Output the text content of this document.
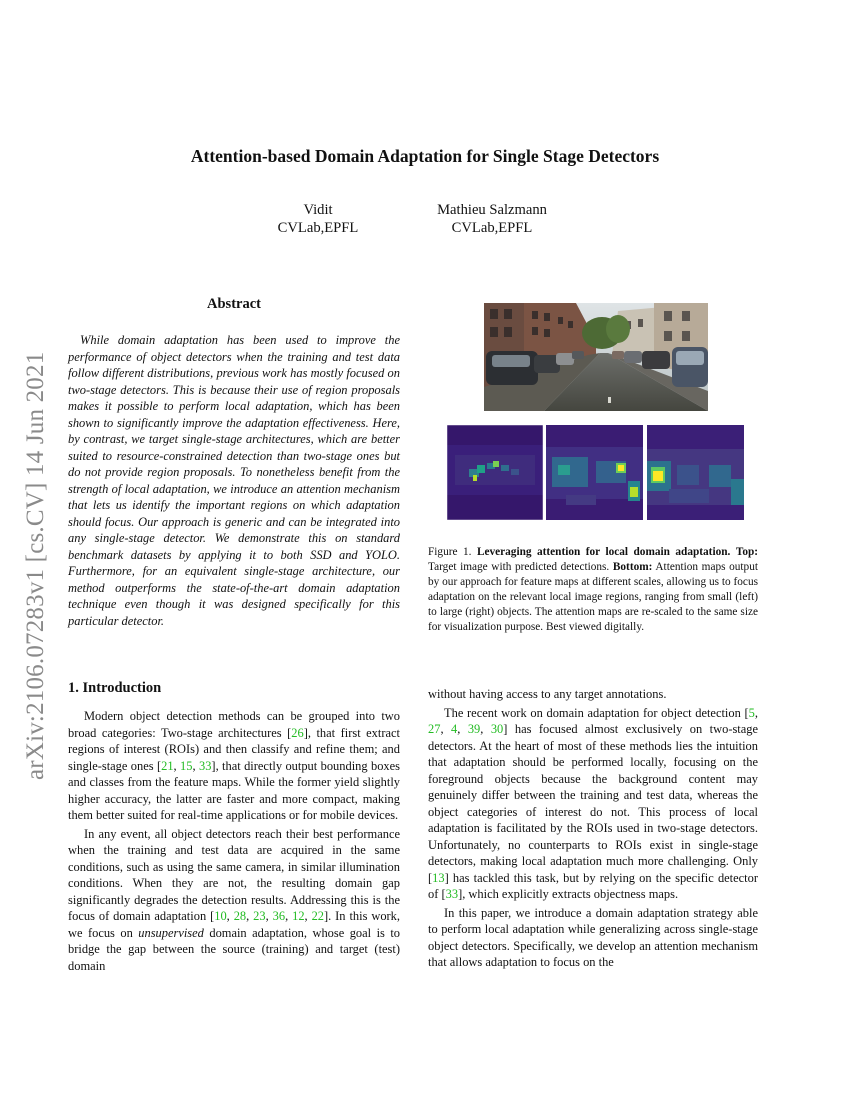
Attention-based Domain Adaptation for Single Stage Detectors
Vidit
CVLab,EPFL
Mathieu Salzmann
CVLab,EPFL
arXiv:2106.07283v1 [cs.CV] 14 Jun 2021
Abstract

While domain adaptation has been used to improve the performance of object detectors when the training and test data follow different distributions, previous work has mostly focused on two-stage detectors. This is because their use of region proposals makes it possible to perform local adaptation, which has been shown to significantly improve the adaptation effectiveness. Here, by contrast, we target single-stage architectures, which are better suited to resource-constrained detection than two-stage ones but do not provide region proposals. To nonetheless benefit from the strength of local adaptation, we introduce an attention mechanism that lets us identify the important regions on which adaptation should focus. Our approach is generic and can be integrated into any single-stage detector. We demonstrate this on standard benchmark datasets by applying it to both SSD and YOLO. Furthermore, for an equivalent single-stage architecture, our method outperforms the state-of-the-art domain adaptation technique even though it was designed specifically for this particular detector.

Figure 1. Leveraging attention for local domain adaptation. Top: Target image with predicted detections. Bottom: Attention maps output by our approach for feature maps at different scales, allowing us to focus adaptation on the relevant local image regions, ranging from small (left) to large (right) objects. The attention maps are re-scaled to the same size for visualization purpose. Best viewed digitally.
1. Introduction

Modern object detection methods can be grouped into two broad categories: Two-stage architectures [26], that first extract regions of interest (ROIs) and then classify and refine them; and single-stage ones [21, 15, 33], that directly output bounding boxes and classes from the feature maps. While the former yield slightly higher accuracy, the latter are faster and more compact, making them better suited for real-time applications or for mobile devices.

In any event, all object detectors reach their best performance when the training and test data are acquired in the same conditions, such as using the same camera, in similar illumination conditions. When they are not, the resulting domain gap significantly degrades the detection results. Addressing this is the focus of domain adaptation [10, 28, 23, 36, 12, 22]. In this work, we focus on unsupervised domain adaptation, whose goal is to bridge the gap between the source (training) and target (test) domain

without having access to any target annotations.

The recent work on domain adaptation for object detection [5, 27, 4, 39, 30] has focused almost exclusively on two-stage detectors. At the heart of most of these methods lies the intuition that adaptation should be performed locally, focusing on the foreground objects because the background content may genuinely differ between the training and test data, whereas the object categories of interest do not. This process of local adaptation is facilitated by the ROIs used in two-stage detectors. Unfortunately, no counterparts to ROIs exist in single-stage detectors, making local adaptation much more challenging. Only [13] has tackled this task, but by relying on the specific detector of [33], which explicitly extracts objectness maps.

In this paper, we introduce a domain adaptation strategy able to perform local adaptation while generalizing across single-stage object detectors. Specifically, we develop an attention mechanism that allows adaptation to focus on the
